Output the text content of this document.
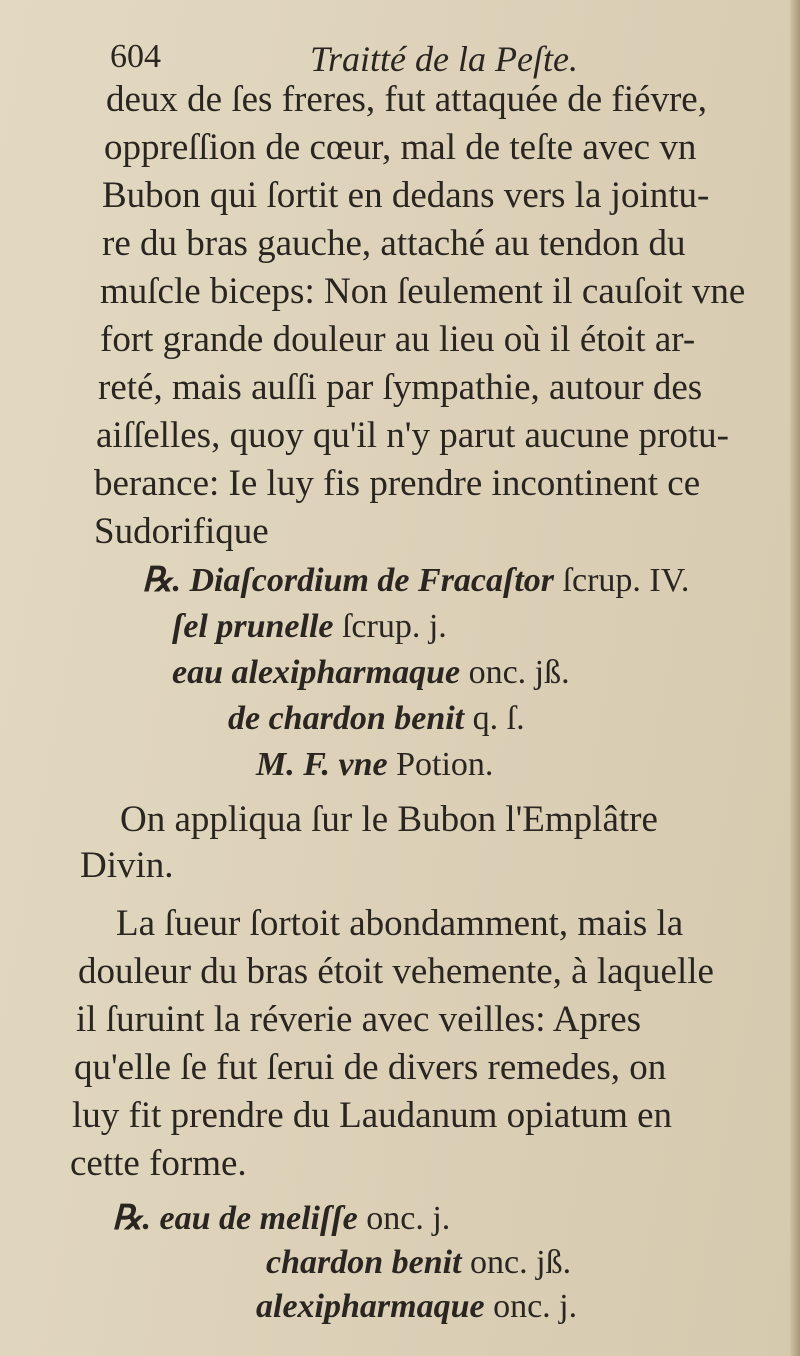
604	Traitté de la Peſte.
deux de ſes freres, fut attaquée de fiévre,
oppreſſion de cœur, mal de teſte avec vn
Bubon qui ſortit en dedans vers la jointu-
re du bras gauche, attaché au tendon du
muſcle biceps: Non ſeulement il cauſoit vne
fort grande douleur au lieu où il étoit ar-
reté, mais auſſi par ſympathie, autour des
aiſſelles, quoy qu'il n'y parut aucune protu-
berance: Ie luy fis prendre incontinent ce
Sudorifique
℞. Diaſcordium de Fracaſtor ſcrup. IV.
ſel prunelle ſcrup. j.
eau alexipharmaque onc. jß.
de chardon benit q. ſ.
M. F. vne Potion.
On appliqua ſur le Bubon l'Emplâtre
Divin.
La ſueur ſortoit abondamment, mais la
douleur du bras étoit vehemente, à laquelle
il ſuruint la réverie avec veilles: Apres
qu'elle ſe fut ſerui de divers remedes, on
luy fit prendre du Laudanum opiatum en
cette forme.
℞. eau de meliſſe onc. j.
chardon benit onc. jß.
alexipharmaque onc. j.
